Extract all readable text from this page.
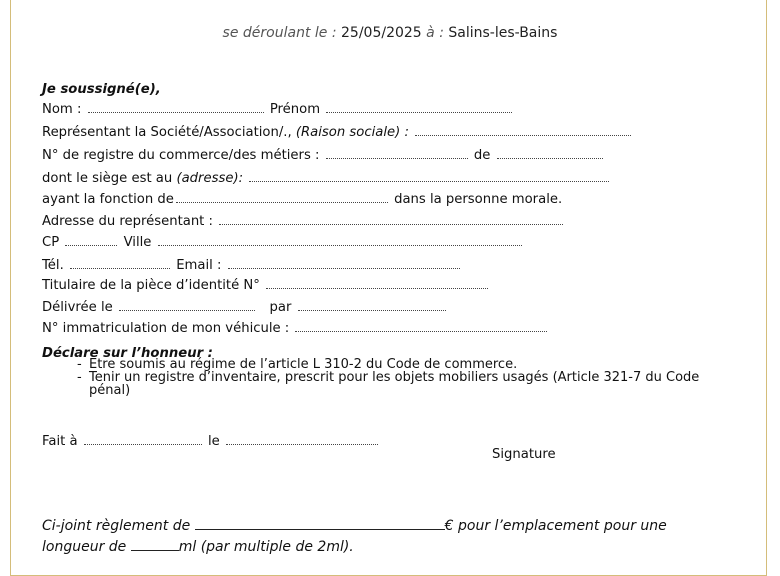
se déroulant le : 25/05/2025 à : Salins-les-Bains
Je soussigné(e),
Nom :	Prénom
Représentant la Société/Association/., (Raison sociale) :
N° de registre du commerce/des métiers :	de
dont le siège est au (adresse):
ayant la fonction de	dans la personne morale.
Adresse du représentant :
CP	Ville
Tél.	Email :
Titulaire de la pièce d’identité N°
Délivrée le	par
N° immatriculation de mon véhicule :
Déclare sur l’honneur :
Fait à	le
- Etre soumis au régime de l’article L 310-2 du Code de commerce.
- Tenir un registre d’inventaire, prescrit pour les objets mobiliers usagés (Article 321-7 du Code pénal)
Signature
Ci-joint règlement de	€ pour l’emplacement pour une
longueur de	ml (par multiple de 2ml).
